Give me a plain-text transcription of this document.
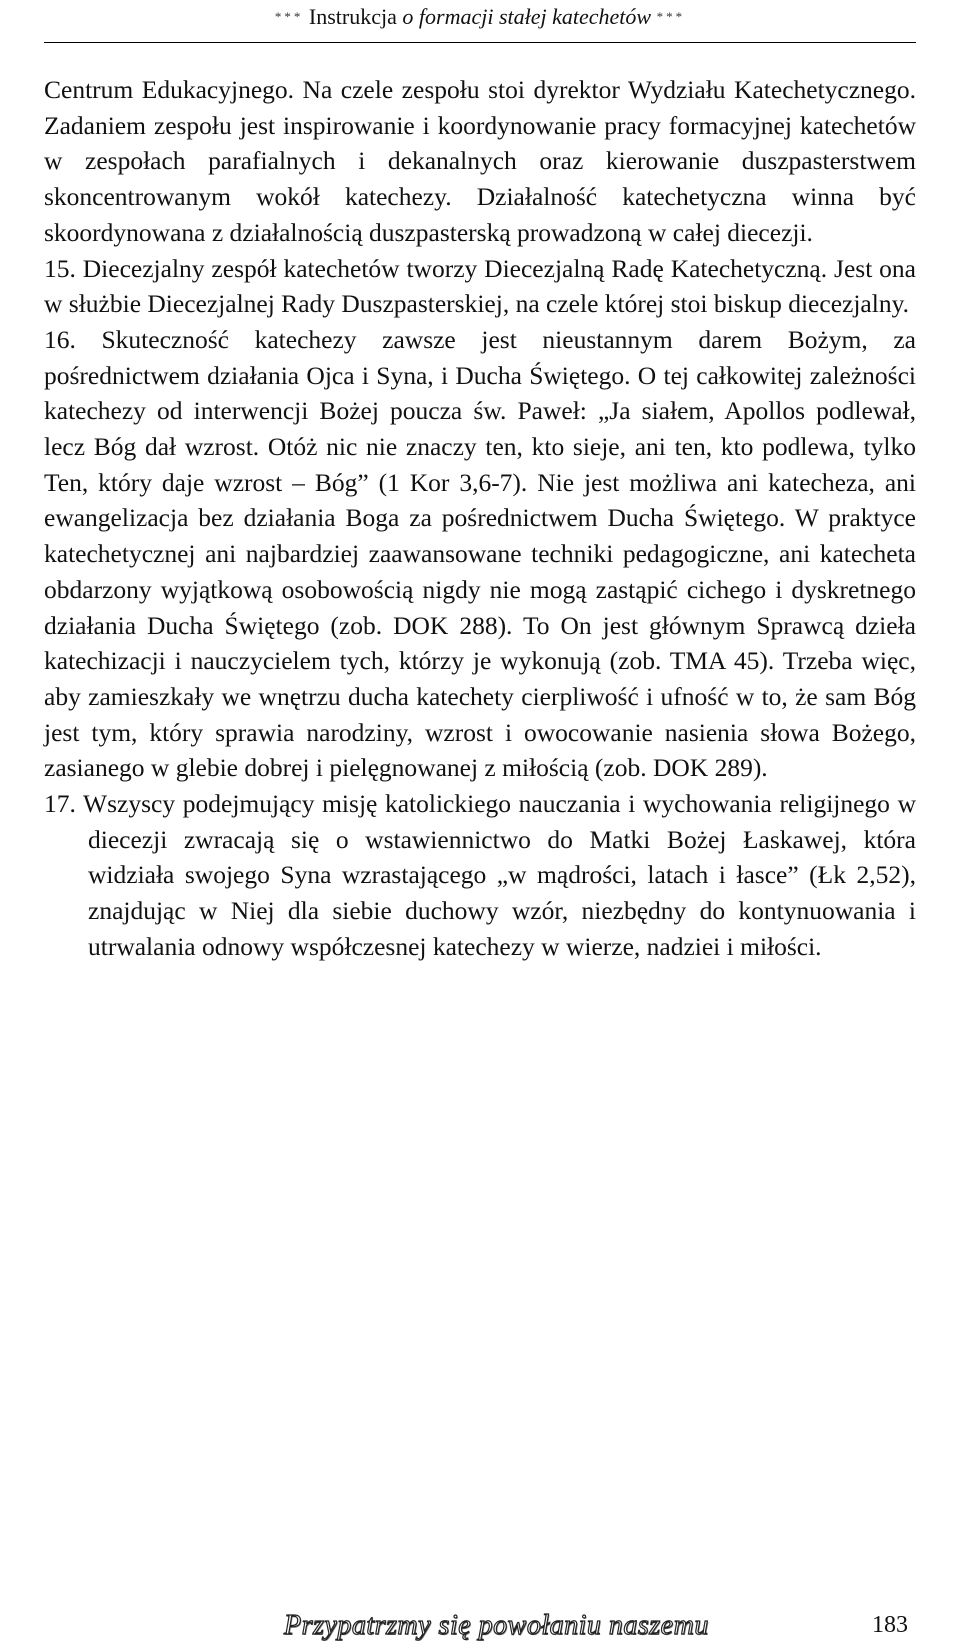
*** Instrukcja o formacji stałej katechetów ***

Centrum Edukacyjnego. Na czele zespołu stoi dyrektor Wydziału Katechetycznego. Zadaniem zespołu jest inspirowanie i koordynowanie pracy formacyjnej katechetów w zespołach parafialnych i dekanalnych oraz kierowanie duszpasterstwem skoncentrowanym wokół katechezy. Działalność katechetyczna winna być skoordynowana z działalnością duszpasterską prowadzoną w całej diecezji.

15. Diecezjalny zespół katechetów tworzy Diecezjalną Radę Katechetyczną. Jest ona w służbie Diecezjalnej Rady Duszpasterskiej, na czele której stoi biskup diecezjalny.

16. Skuteczność katechezy zawsze jest nieustannym darem Bożym, za pośrednictwem działania Ojca i Syna, i Ducha Świętego. O tej całkowitej zależności katechezy od interwencji Bożej poucza św. Paweł: „Ja siałem, Apollos podlewał, lecz Bóg dał wzrost. Otóż nic nie znaczy ten, kto sieje, ani ten, kto podlewa, tylko Ten, który daje wzrost – Bóg” (1 Kor 3,6-7). Nie jest możliwa ani katecheza, ani ewangelizacja bez działania Boga za pośrednictwem Ducha Świętego. W praktyce katechetycznej ani najbardziej zaawansowane techniki pedagogiczne, ani katecheta obdarzony wyjątkową osobowością nigdy nie mogą zastąpić cichego i dyskretnego działania Ducha Świętego (zob. DOK 288). To On jest głównym Sprawcą dzieła katechizacji i nauczycielem tych, którzy je wykonują (zob. TMA 45). Trzeba więc, aby zamieszkały we wnętrzu ducha katechety cierpliwość i ufność w to, że sam Bóg jest tym, który sprawia narodziny, wzrost i owocowanie nasienia słowa Bożego, zasianego w glebie dobrej i pielęgnowanej z miłością (zob. DOK 289).

17. Wszyscy podejmujący misję katolickiego nauczania i wychowania religijnego w diecezji zwracają się o wstawiennictwo do Matki Bożej Łaskawej, która widziała swojego Syna wzrastającego „w mądrości, latach i łasce” (Łk 2,52), znajdując w Niej dla siebie duchowy wzór, niezbędny do kontynuowania i utrwalania odnowy współczesnej katechezy w wierze, nadziei i miłości.

Przypatrzmy się powołaniu naszemu	183
